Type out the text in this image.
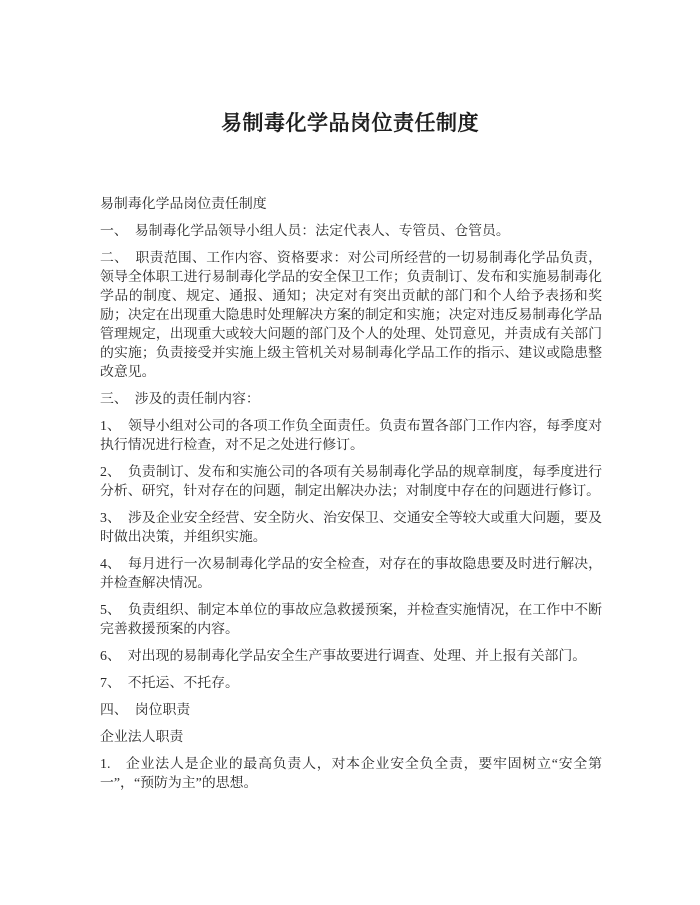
易制毒化学品岗位责任制度

易制毒化学品岗位责任制度

一、　易制毒化学品领导小组人员：法定代表人、专管员、仓管员。

二、　职责范围、工作内容、资格要求：对公司所经营的一切易制毒化学品负责，领导全体职工进行易制毒化学品的安全保卫工作；负责制订、发布和实施易制毒化学品的制度、规定、通报、通知；决定对有突出贡献的部门和个人给予表扬和奖励；决定在出现重大隐患时处理解决方案的制定和实施；决定对违反易制毒化学品管理规定，出现重大或较大问题的部门及个人的处理、处罚意见，并责成有关部门的实施；负责接受并实施上级主管机关对易制毒化学品工作的指示、建议或隐患整改意见。

三、　涉及的责任制内容：

1、　领导小组对公司的各项工作负全面责任。负责布置各部门工作内容，每季度对执行情况进行检查，对不足之处进行修订。

2、　负责制订、发布和实施公司的各项有关易制毒化学品的规章制度，每季度进行分析、研究，针对存在的问题，制定出解决办法；对制度中存在的问题进行修订。

3、　涉及企业安全经营、安全防火、治安保卫、交通安全等较大或重大问题，要及时做出决策，并组织实施。

4、　每月进行一次易制毒化学品的安全检查，对存在的事故隐患要及时进行解决，并检查解决情况。

5、　负责组织、制定本单位的事故应急救援预案，并检查实施情况，在工作中不断完善救援预案的内容。

6、　对出现的易制毒化学品安全生产事故要进行调查、处理、并上报有关部门。

7、　不托运、不托存。

四、　岗位职责

企业法人职责

1.　企业法人是企业的最高负责人，对本企业安全负全责，要牢固树立“安全第一”，“预防为主”的思想。
